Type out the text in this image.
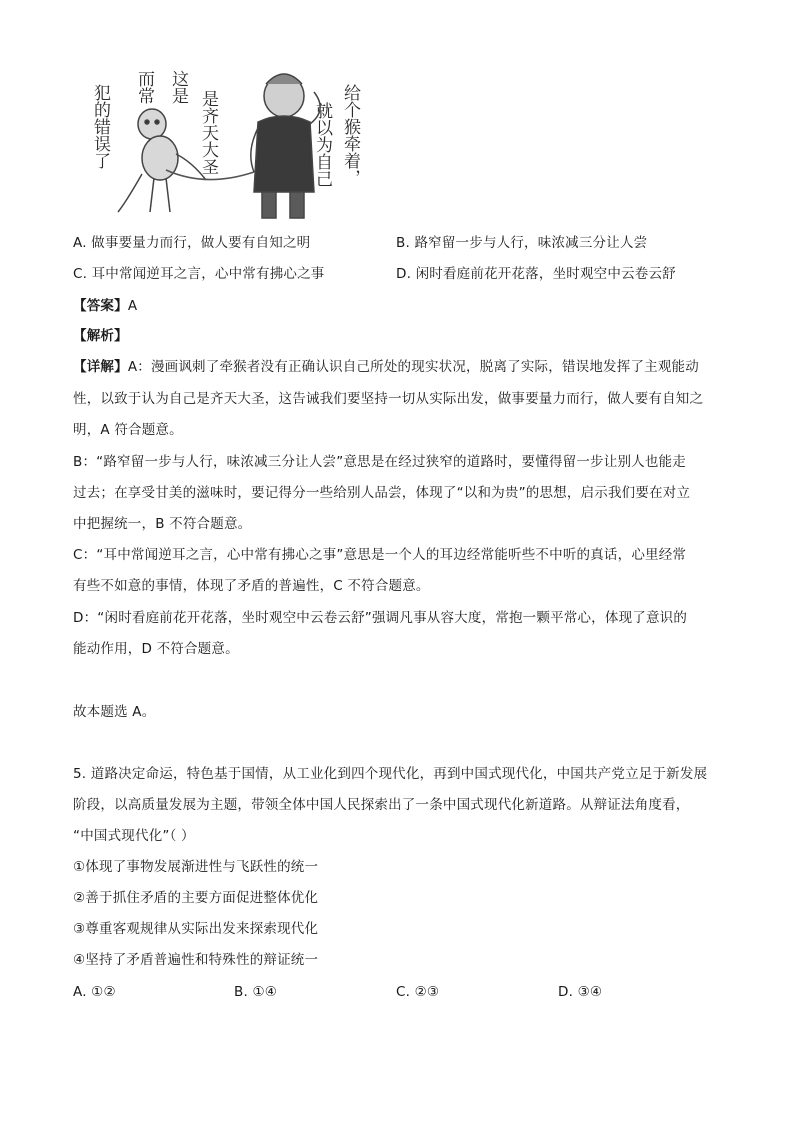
犯的错误了 而常 这是
是齐天大圣	给个猴牵着，
就以为自己
A. 做事要量力而行，做人要有自知之明	B. 路窄留一步与人行，味浓减三分让人尝
C. 耳中常闻逆耳之言，心中常有拂心之事	D. 闲时看庭前花开花落，坐时观空中云卷云舒
【答案】A
【解析】
【详解】A：漫画讽刺了牵猴者没有正确认识自己所处的现实状况，脱离了实际，错误地发挥了主观能动
性，以致于认为自己是齐天大圣，这告诫我们要坚持一切从实际出发，做事要量力而行，做人要有自知之
明，A 符合题意。
B：“路窄留一步与人行，味浓减三分让人尝”意思是在经过狭窄的道路时，要懂得留一步让别人也能走
过去；在享受甘美的滋味时，要记得分一些给别人品尝，体现了“以和为贵”的思想，启示我们要在对立
中把握统一，B 不符合题意。
C：“耳中常闻逆耳之言，心中常有拂心之事”意思是一个人的耳边经常能听些不中听的真话，心里经常
有些不如意的事情，体现了矛盾的普遍性，C 不符合题意。
D：“闲时看庭前花开花落，坐时观空中云卷云舒”强调凡事从容大度，常抱一颗平常心，体现了意识的
能动作用，D 不符合题意。
故本题选 A。
5. 道路决定命运，特色基于国情，从工业化到四个现代化，再到中国式现代化，中国共产党立足于新发展
阶段，以高质量发展为主题，带领全体中国人民探索出了一条中国式现代化新道路。从辩证法角度看，
“中国式现代化”（ ）
①体现了事物发展渐进性与飞跃性的统一
②善于抓住矛盾的主要方面促进整体优化
③尊重客观规律从实际出发来探索现代化
④坚持了矛盾普遍性和特殊性的辩证统一
A. ①②	B. ①④	C. ②③	D. ③④
